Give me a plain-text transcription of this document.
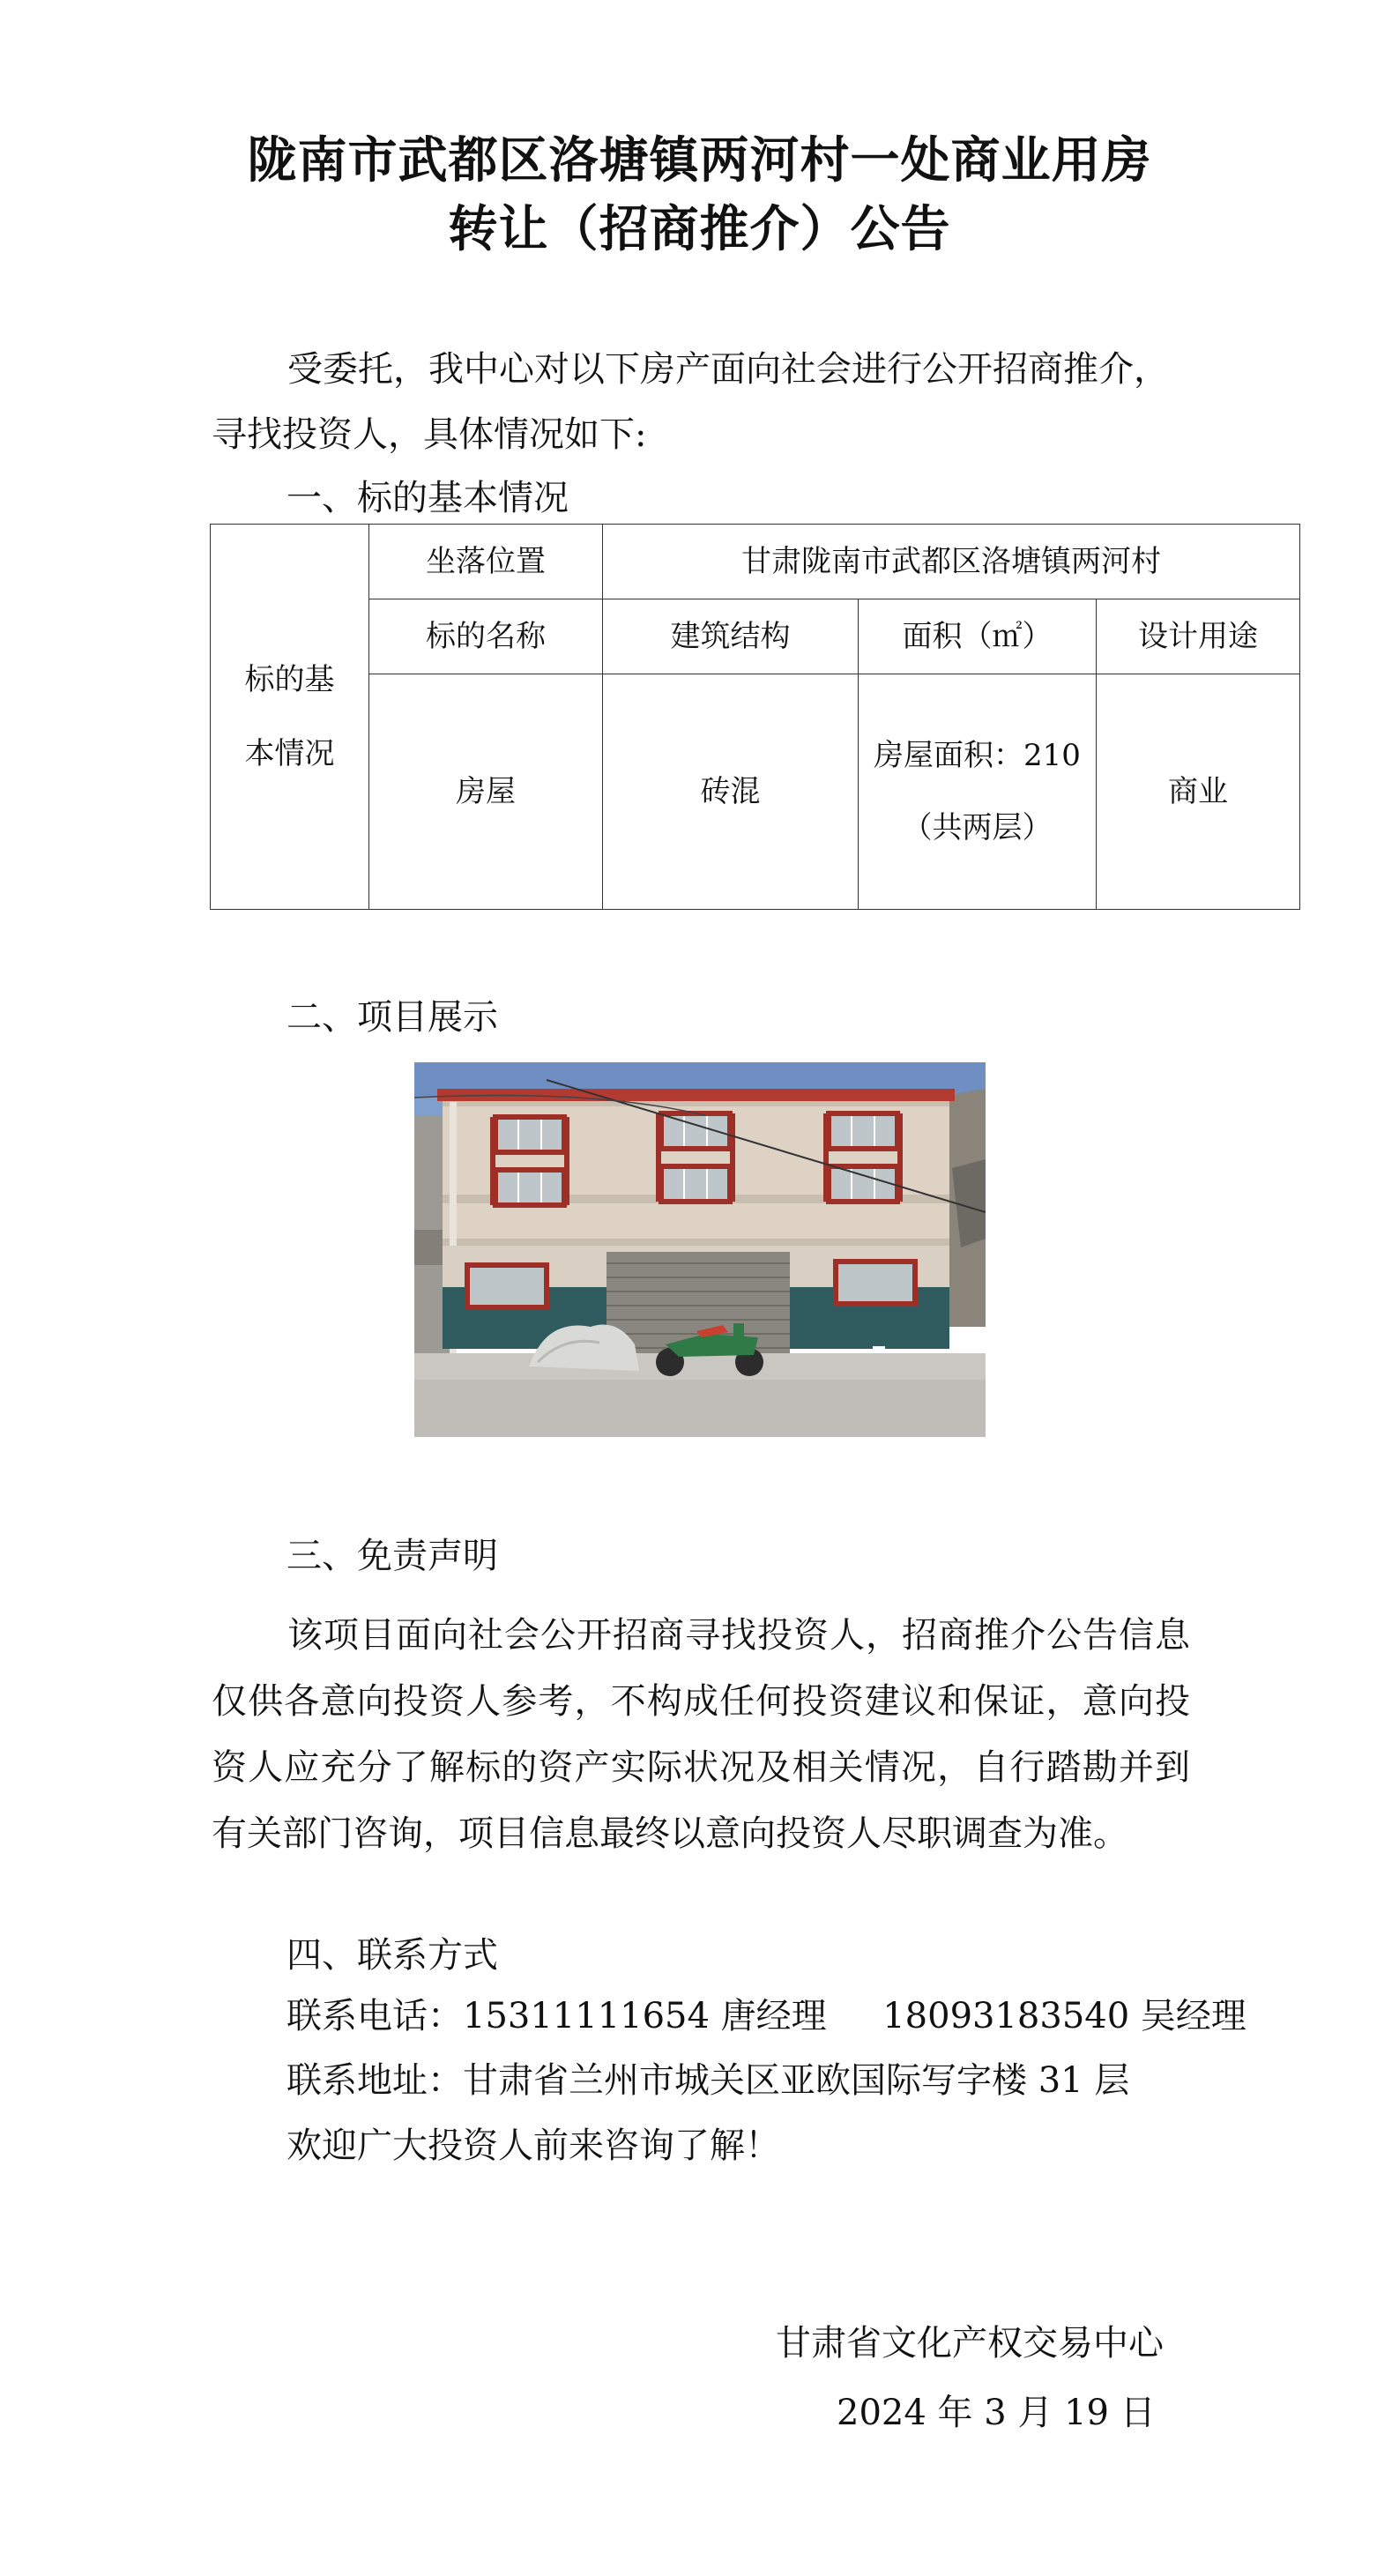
陇南市武都区洛塘镇两河村一处商业用房
转让（招商推介）公告
受委托，我中心对以下房产面向社会进行公开招商推介，寻找投资人，具体情况如下:
一、标的基本情况
标的基本情况	坐落位置	甘肃陇南市武都区洛塘镇两河村		
	标的名称	建筑结构	面积（㎡）	设计用途
	房屋	砖混	房屋面积：210（共两层）	商业
二、项目展示
三、免责声明
该项目面向社会公开招商寻找投资人，招商推介公告信息仅供各意向投资人参考，不构成任何投资建议和保证，意向投资人应充分了解标的资产实际状况及相关情况，自行踏勘并到有关部门咨询，项目信息最终以意向投资人尽职调查为准。
四、联系方式
联系电话：15311111654 唐经理     18093183540 吴经理
联系地址：甘肃省兰州市城关区亚欧国际写字楼 31 层
欢迎广大投资人前来咨询了解！
甘肃省文化产权交易中心
2024 年 3 月 19 日
